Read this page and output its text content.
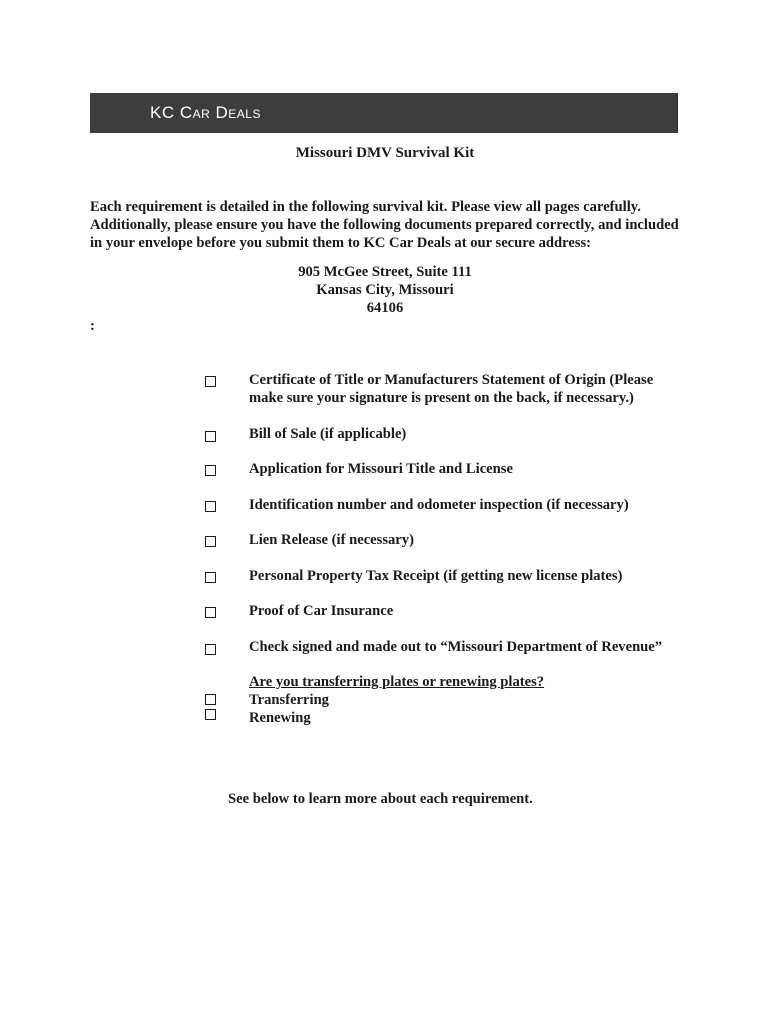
KC Car Deals
Missouri DMV Survival Kit
Each requirement is detailed in the following survival kit. Please view all pages carefully. Additionally, please ensure you have the following documents prepared correctly, and included in your envelope before you submit them to KC Car Deals at our secure address:
905 McGee Street, Suite 111
Kansas City, Missouri
64106
:
Certificate of Title or Manufacturers Statement of Origin (Please make sure your signature is present on the back, if necessary.)
Bill of Sale (if applicable)
Application for Missouri Title and License
Identification number and odometer inspection (if necessary)
Lien Release (if necessary)
Personal Property Tax Receipt (if getting new license plates)
Proof of Car Insurance
Check signed and made out to “Missouri Department of Revenue”
Are you transferring plates or renewing plates?
Transferring
Renewing
See below to learn more about each requirement.
